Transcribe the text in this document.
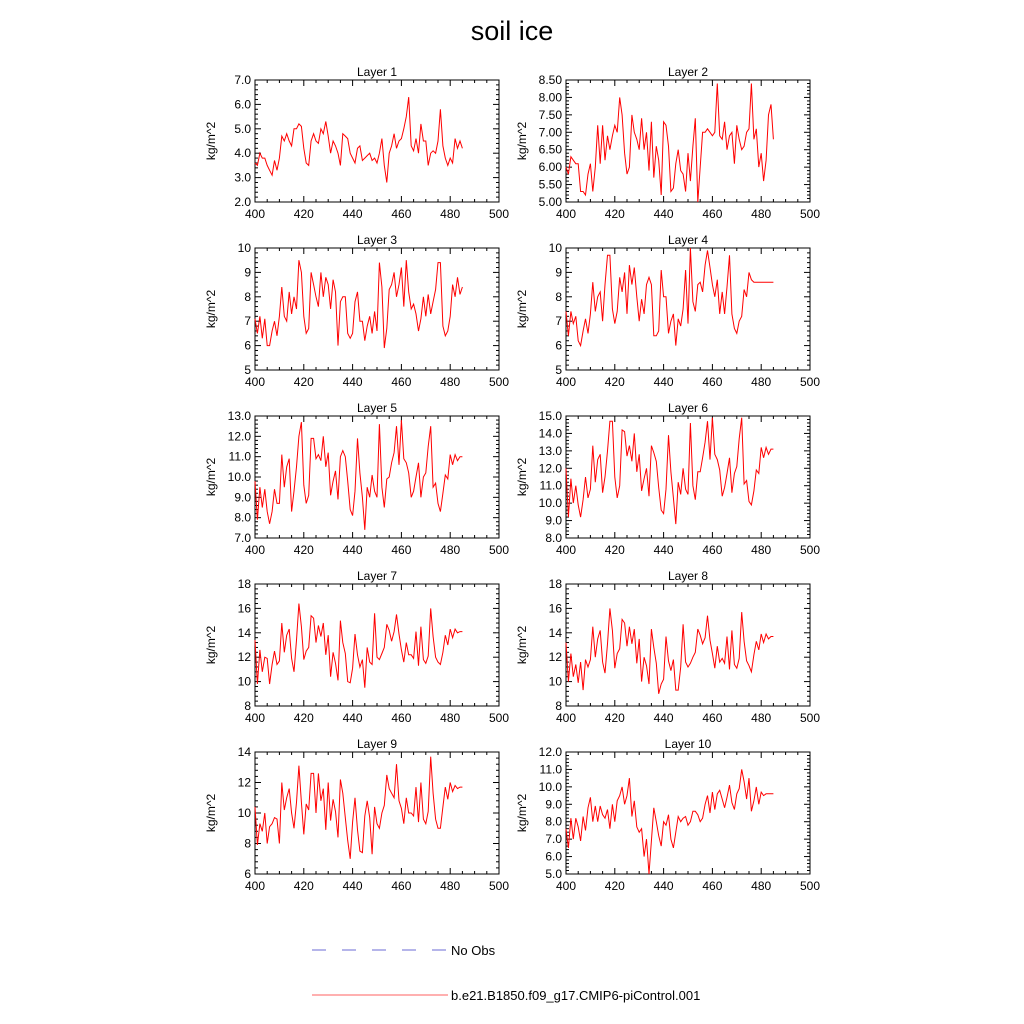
soil ice
Layer 1
kg/m^2
400 420 440 460 480 500
2.0
3.0
4.0
5.0
6.0
7.0
Layer 2
kg/m^2
400 420 440 460 480 500
5.00
5.50
6.00
6.50
7.00
7.50
8.00
8.50
Layer 3
kg/m^2
400 420 440 460 480 500
5
6
7
8
9
10
Layer 4
kg/m^2
400 420 440 460 480 500
5
6
7
8
9
10
Layer 5
kg/m^2
400 420 440 460 480 500
7.0
8.0
9.0
10.0
11.0
12.0
13.0
Layer 6
kg/m^2
400 420 440 460 480 500
8.0
9.0
10.0
11.0
12.0
13.0
14.0
15.0
Layer 7
kg/m^2
400 420 440 460 480 500
8
10
12
14
16
18
Layer 8
kg/m^2
400 420 440 460 480 500
8
10
12
14
16
18
Layer 9
kg/m^2
400 420 440 460 480 500
6
8
10
12
14
Layer 10
kg/m^2
400 420 440 460 480 500
5.0
6.0
7.0
8.0
9.0
10.0
11.0
12.0
No Obs
b.e21.B1850.f09_g17.CMIP6-piControl.001
